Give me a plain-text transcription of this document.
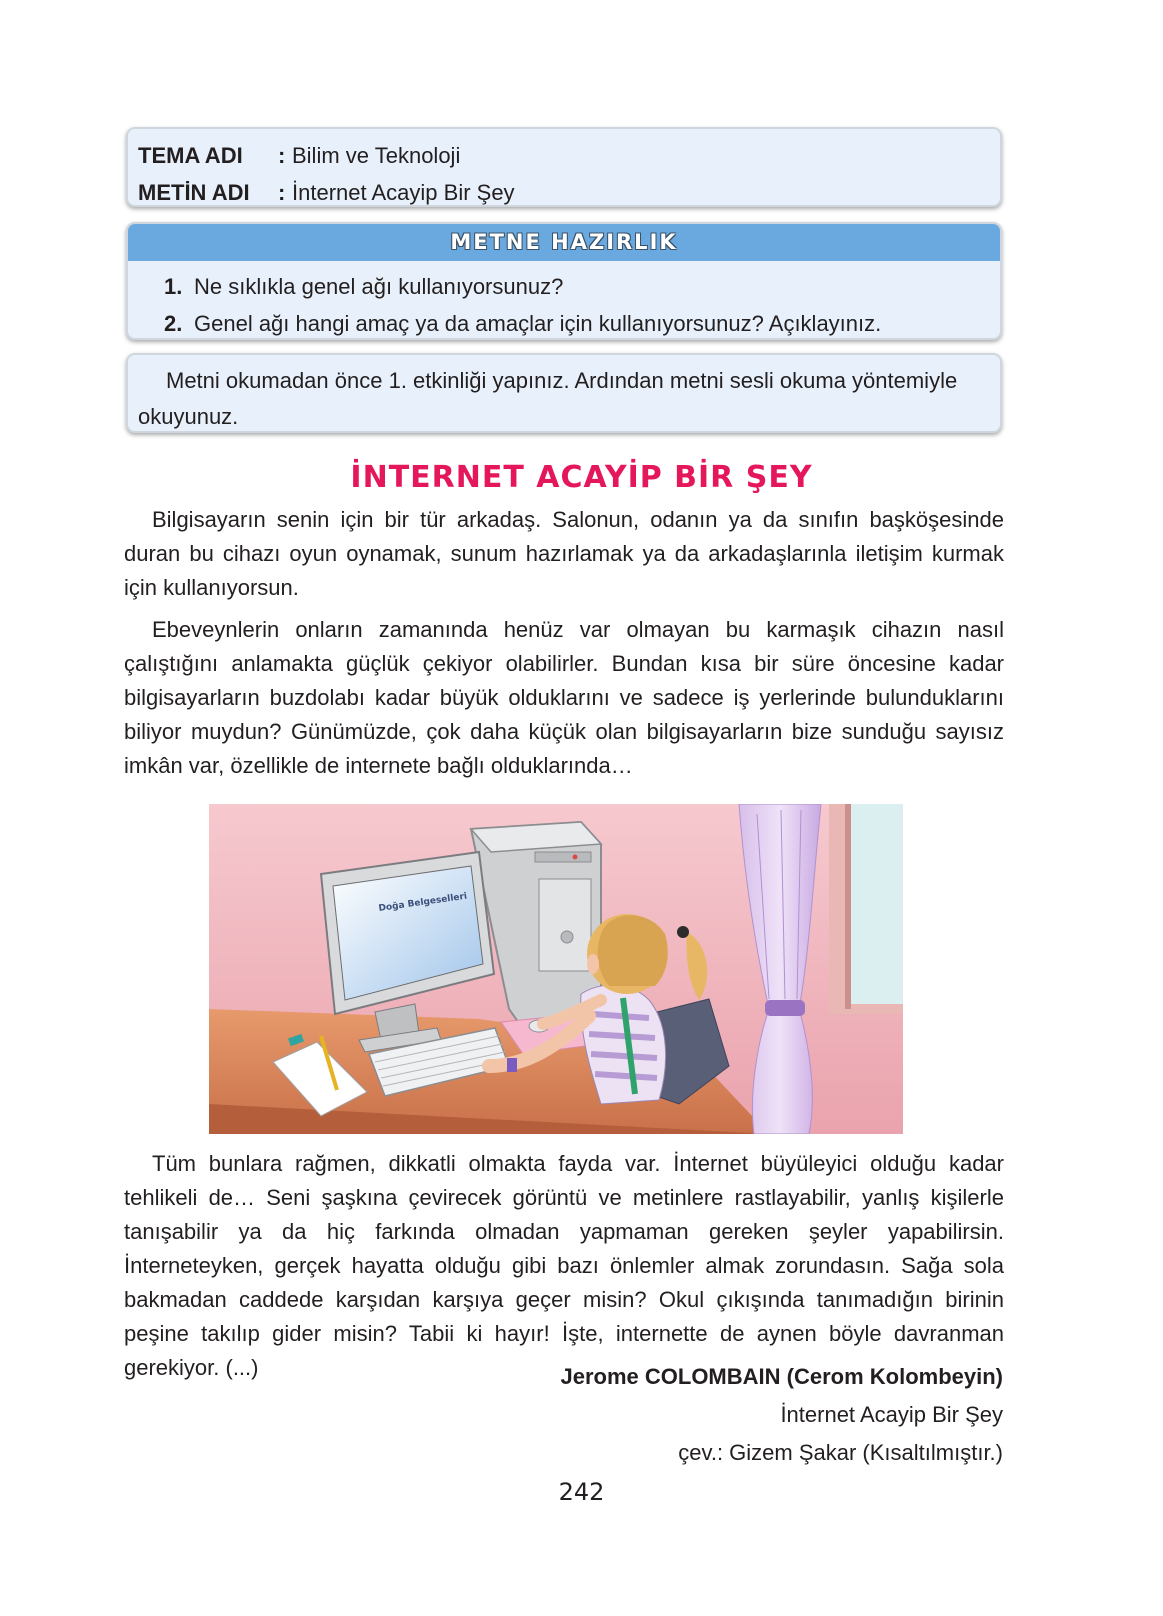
TEMA ADI	: Bilim ve Teknoloji
METİN ADI	: İnternet Acayip Bir Şey
METNE HAZIRLIK
1. Ne sıklıkla genel ağı kullanıyorsunuz?
2. Genel ağı hangi amaç ya da amaçlar için kullanıyorsunuz? Açıklayınız.

Metni okumadan önce 1. etkinliği yapınız. Ardından metni sesli okuma yöntemiyle okuyunuz.

İNTERNET ACAYİP BİR ŞEY

Bilgisayarın senin için bir tür arkadaş. Salonun, odanın ya da sınıfın başköşesinde duran bu cihazı oyun oynamak, sunum hazırlamak ya da arkadaşlarınla iletişim kurmak için kullanıyorsun.

Ebeveynlerin onların zamanında henüz var olmayan bu karmaşık cihazın nasıl çalıştığını anlamakta güçlük çekiyor olabilirler. Bundan kısa bir süre öncesine kadar bilgisayarların buzdolabı kadar büyük olduklarını ve sadece iş yerlerinde bulunduklarını biliyor muydun? Günümüzde, çok daha küçük olan bilgisayarların bize sunduğu sayısız imkân var, özellikle de internete bağlı olduklarında…

Doğa Belgeselleri

Tüm bunlara rağmen, dikkatli olmakta fayda var. İnternet büyüleyici olduğu kadar tehlikeli de… Seni şaşkına çevirecek görüntü ve metinlere rastlayabilir, yanlış kişilerle tanışabilir ya da hiç farkında olmadan yapmaman gereken şeyler yapabilirsin. İnterneteyken, gerçek hayatta olduğu gibi bazı önlemler almak zorundasın. Sağa sola bakmadan caddede karşıdan karşıya geçer misin? Okul çıkışında tanımadığın birinin peşine takılıp gider misin? Tabii ki hayır! İşte, internette de aynen böyle davranman gerekiyor. (...)	Jerome COLOMBAIN (Cerom Kolombeyin)
İnternet Acayip Bir Şey
çev.: Gizem Şakar (Kısaltılmıştır.)
242
